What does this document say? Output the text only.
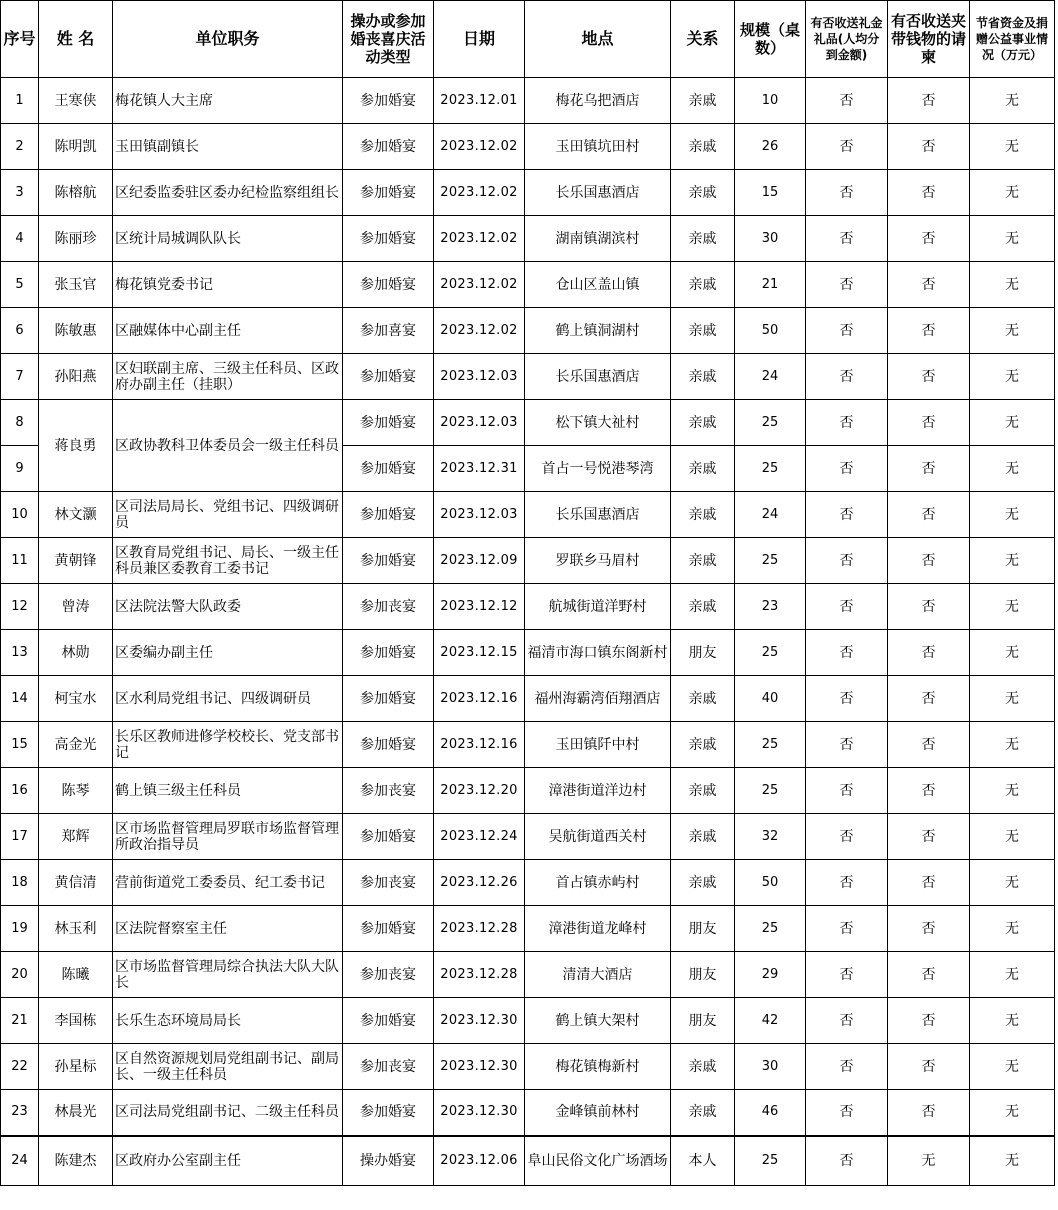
序号	姓 名	单位职务	操办或参加婚丧喜庆活动类型	日期	地点	关系	规模（桌数）	有否收送礼金礼品(人均分到金额)	有否收送夹带钱物的请柬	节省资金及捐赠公益事业情况（万元）
1	王寒侠	梅花镇人大主席	参加婚宴	2023.12.01	梅花乌把酒店	亲戚	10	否	否	无
2	陈明凯	玉田镇副镇长	参加婚宴	2023.12.02	玉田镇坑田村	亲戚	26	否	否	无
3	陈榕航	区纪委监委驻区委办纪检监察组组长	参加婚宴	2023.12.02	长乐国惠酒店	亲戚	15	否	否	无
4	陈丽珍	区统计局城调队队长	参加婚宴	2023.12.02	湖南镇湖滨村	亲戚	30	否	否	无
5	张玉官	梅花镇党委书记	参加婚宴	2023.12.02	仓山区盖山镇	亲戚	21	否	否	无
6	陈敏惠	区融媒体中心副主任	参加喜宴	2023.12.02	鹤上镇洞湖村	亲戚	50	否	否	无
7	孙阳燕	区妇联副主席、三级主任科员、区政府办副主任（挂职）	参加婚宴	2023.12.03	长乐国惠酒店	亲戚	24	否	否	无
8	蒋良勇	区政协教科卫体委员会一级主任科员	参加婚宴	2023.12.03	松下镇大祉村	亲戚	25	否	否	无
9			参加婚宴	2023.12.31	首占一号悦港琴湾	亲戚	25	否	否	无
10	林文灏	区司法局局长、党组书记、四级调研员	参加婚宴	2023.12.03	长乐国惠酒店	亲戚	24	否	否	无
11	黄朝锋	区教育局党组书记、局长、一级主任科员兼区委教育工委书记	参加婚宴	2023.12.09	罗联乡马眉村	亲戚	25	否	否	无
12	曾涛	区法院法警大队政委	参加丧宴	2023.12.12	航城街道洋野村	亲戚	23	否	否	无
13	林勋	区委编办副主任	参加婚宴	2023.12.15	福清市海口镇东阁新村	朋友	25	否	否	无
14	柯宝水	区水利局党组书记、四级调研员	参加婚宴	2023.12.16	福州海霸湾佰翔酒店	亲戚	40	否	否	无
15	高金光	长乐区教师进修学校校长、党支部书记	参加婚宴	2023.12.16	玉田镇阡中村	亲戚	25	否	否	无
16	陈琴	鹤上镇三级主任科员	参加丧宴	2023.12.20	漳港街道洋边村	亲戚	25	否	否	无
17	郑辉	区市场监督管理局罗联市场监督管理所政治指导员	参加婚宴	2023.12.24	吴航街道西关村	亲戚	32	否	否	无
18	黄信清	营前街道党工委委员、纪工委书记	参加丧宴	2023.12.26	首占镇赤屿村	亲戚	50	否	否	无
19	林玉利	区法院督察室主任	参加婚宴	2023.12.28	漳港街道龙峰村	朋友	25	否	否	无
20	陈曦	区市场监督管理局综合执法大队大队长	参加丧宴	2023.12.28	清清大酒店	朋友	29	否	否	无
21	李国栋	长乐生态环境局局长	参加婚宴	2023.12.30	鹤上镇大架村	朋友	42	否	否	无
22	孙星标	区自然资源规划局党组副书记、副局长、一级主任科员	参加丧宴	2023.12.30	梅花镇梅新村	亲戚	30	否	否	无
23	林晨光	区司法局党组副书记、二级主任科员	参加婚宴	2023.12.30	金峰镇前林村	亲戚	46	否	否	无
24	陈建杰	区政府办公室副主任	操办婚宴	2023.12.06	阜山民俗文化广场酒场	本人	25	否	无	无
